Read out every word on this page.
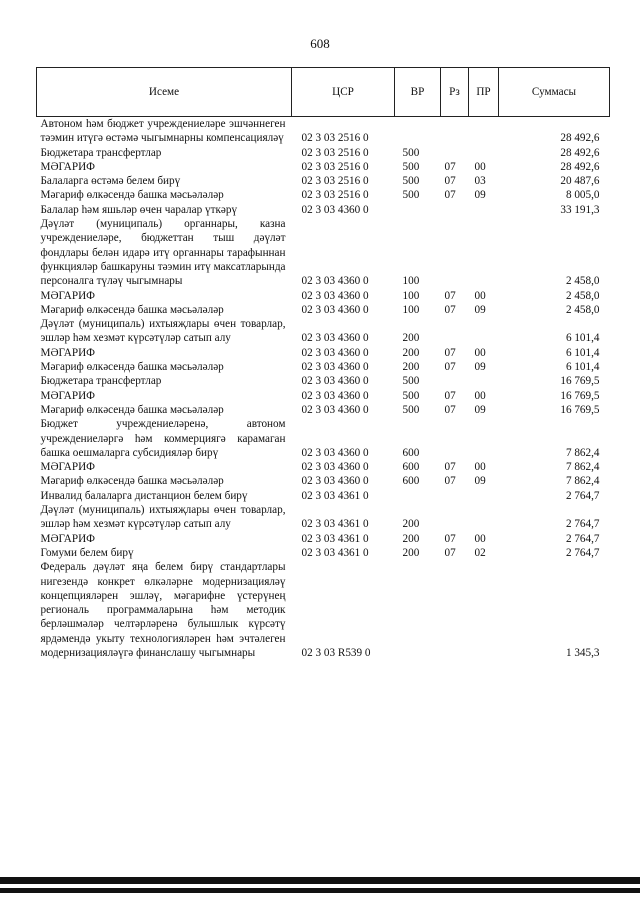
608
Исеме	ЦСР	ВР	Рз	ПР	Суммасы
Автоном һәм бюджет учреждениеләре эшчәннеген тәэмин итүгә өстәмә чыгымнарны компенсацияләү	02 3 03 2516 0				28 492,6
Бюджетара трансфертлар	02 3 03 2516 0	500			28 492,6
МӘГАРИФ	02 3 03 2516 0	500	07	00	28 492,6
Балаларга өстәмә белем бирү	02 3 03 2516 0	500	07	03	20 487,6
Мәгариф өлкәсендә башка мәсьәләләр	02 3 03 2516 0	500	07	09	8 005,0
Балалар һәм яшьләр өчен чаралар үткәрү	02 3 03 4360 0				33 191,3
Дәүләт (муниципаль) органнары, казна учреждениеләре, бюджеттан тыш дәүләт фондлары белән идарә итү органнары тарафыннан функцияләр башкаруны тәэмин итү максатларында персоналга түләү чыгымнары	02 3 03 4360 0	100			2 458,0
МӘГАРИФ	02 3 03 4360 0	100	07	00	2 458,0
Мәгариф өлкәсендә башка мәсьәләләр	02 3 03 4360 0	100	07	09	2 458,0
Дәүләт (муниципаль) ихтыяҗлары өчен товарлар, эшләр һәм хезмәт күрсәтүләр сатып алу	02 3 03 4360 0	200			6 101,4
МӘГАРИФ	02 3 03 4360 0	200	07	00	6 101,4
Мәгариф өлкәсендә башка мәсьәләләр	02 3 03 4360 0	200	07	09	6 101,4
Бюджетара трансфертлар	02 3 03 4360 0	500			16 769,5
МӘГАРИФ	02 3 03 4360 0	500	07	00	16 769,5
Мәгариф өлкәсендә башка мәсьәләләр	02 3 03 4360 0	500	07	09	16 769,5
Бюджет учреждениеләренә, автоном учреждениеләргә һәм коммерциягә карамаган башка оешмаларга субсидияләр бирү	02 3 03 4360 0	600			7 862,4
МӘГАРИФ	02 3 03 4360 0	600	07	00	7 862,4
Мәгариф өлкәсендә башка мәсьәләләр	02 3 03 4360 0	600	07	09	7 862,4
Инвалид балаларга дистанцион белем бирү	02 3 03 4361 0				2 764,7
Дәүләт (муниципаль) ихтыяҗлары өчен товарлар, эшләр һәм хезмәт күрсәтүләр сатып алу	02 3 03 4361 0	200			2 764,7
МӘГАРИФ	02 3 03 4361 0	200	07	00	2 764,7
Гомуми белем бирү	02 3 03 4361 0	200	07	02	2 764,7
Федераль дәүләт яңа белем бирү стандартлары нигезендә конкрет өлкәләрне модернизацияләү концепцияләрен эшләү, мәгарифне үстерүнең региональ программаларына һәм методик берләшмәләр челтәрләренә булышлык күрсәтү ярдәмендә укыту технологияләрен һәм эчтәлеген модернизацияләүгә финанслашу чыгымнары	02 3 03 R539 0				1 345,3
